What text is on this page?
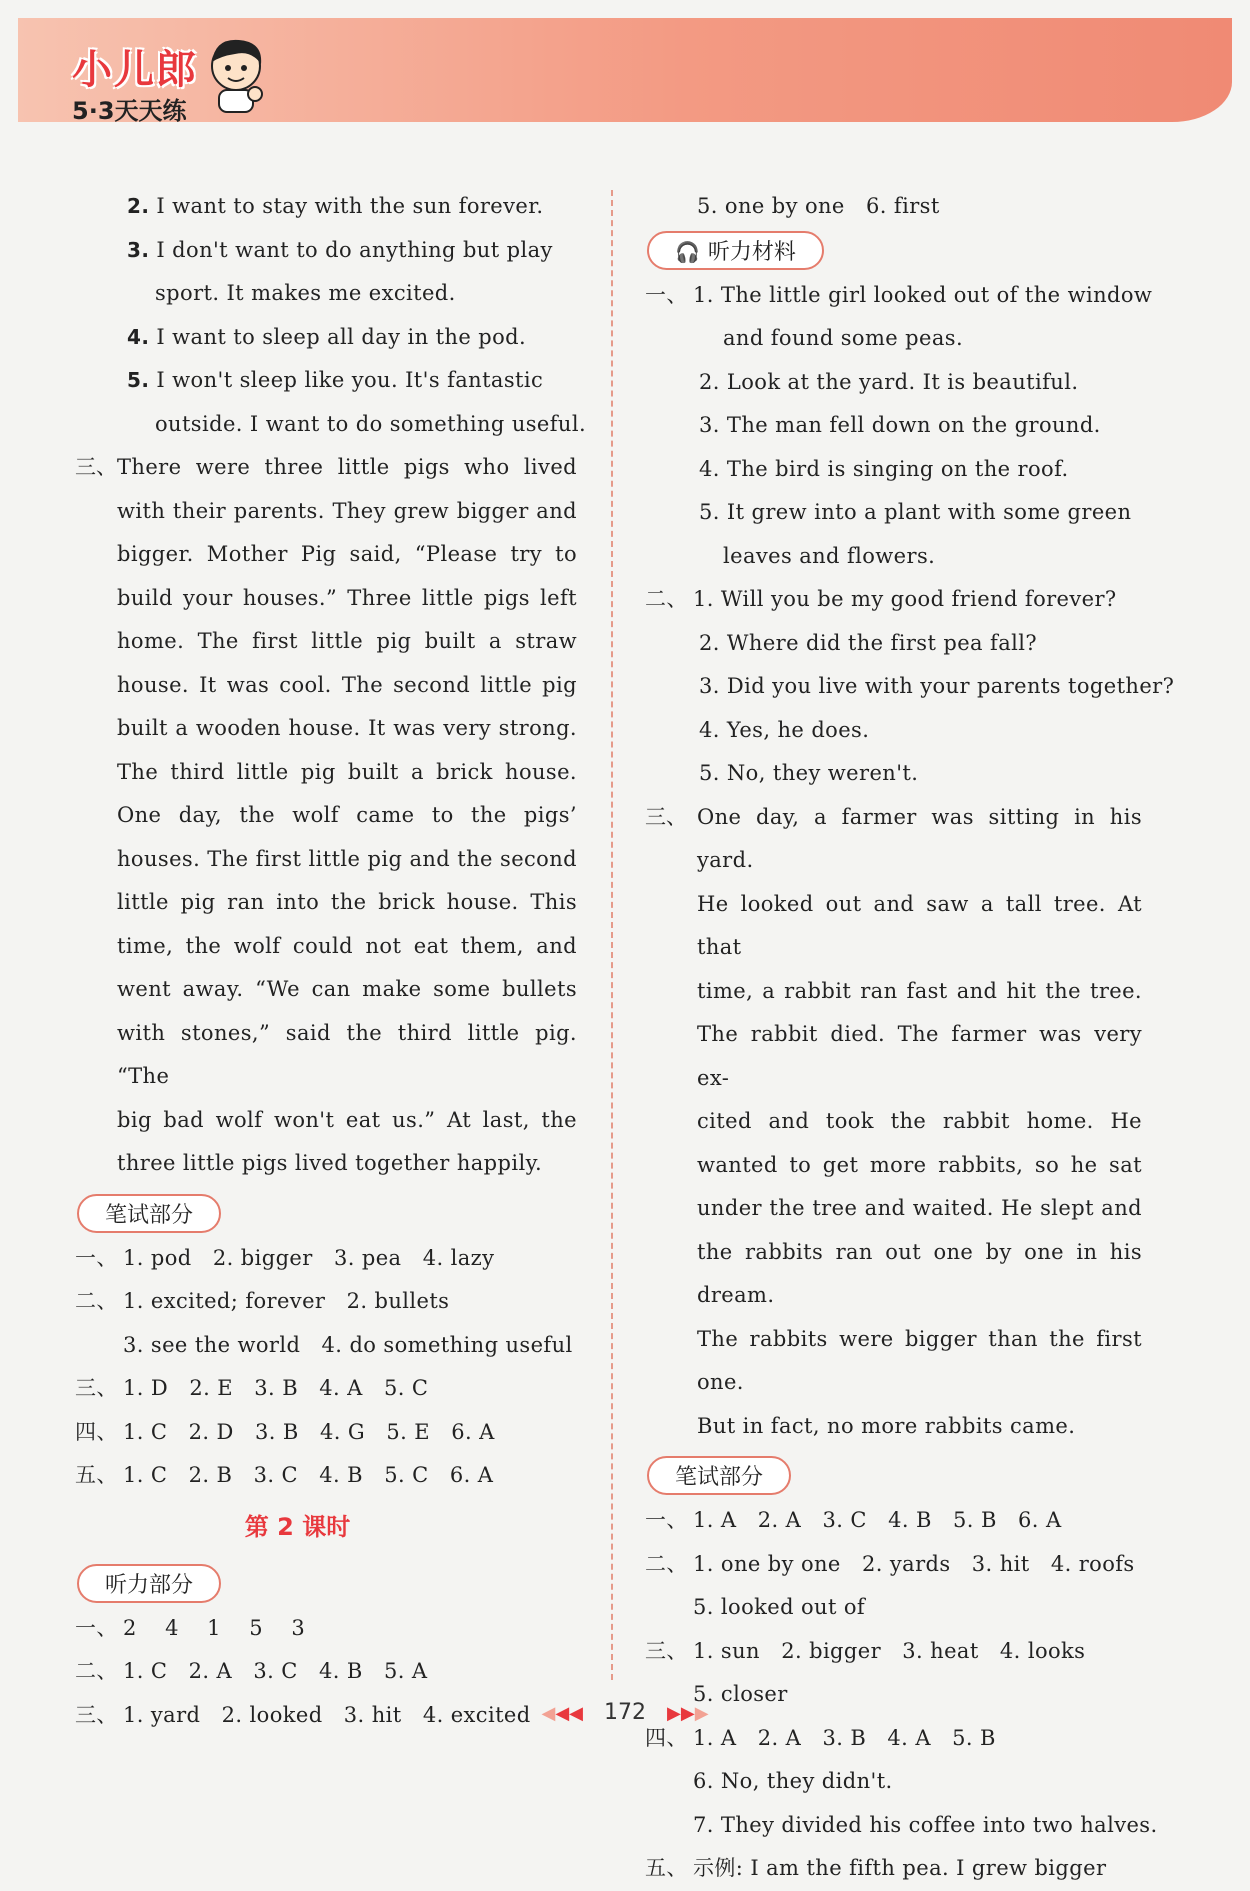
小儿郎
5·3天天练
2. I want to stay with the sun forever.
3. I don't want to do anything but play
sport. It makes me excited.
4. I want to sleep all day in the pod.
5. I won't sleep like you. It's fantastic
outside. I want to do something useful.
三、 There were three little pigs who lived
with their parents. They grew bigger and
bigger. Mother Pig said, “Please try to
build your houses.” Three little pigs left
home. The first little pig built a straw
house. It was cool. The second little pig
built a wooden house. It was very strong.
The third little pig built a brick house.
One day, the wolf came to the pigs’
houses. The first little pig and the second
little pig ran into the brick house. This
time, the wolf could not eat them, and
went away. “We can make some bullets
with stones,” said the third little pig. “The
big bad wolf won't eat us.” At last, the
three little pigs lived together happily.
笔试部分
一、 1. pod 2. bigger 3. pea 4. lazy
二、 1. excited; forever 2. bullets
3. see the world 4. do something useful
三、 1. D 2. E 3. B 4. A 5. C
四、 1. C 2. D 3. B 4. G 5. E 6. A
五、 1. C 2. B 3. C 4. B 5. C 6. A
第 2 课时
听力部分
一、 2 4 1 5 3
二、 1. C 2. A 3. C 4. B 5. A
三、 1. yard 2. looked 3. hit 4. excited
5. one by one 6. first
🎧 听力材料
一、 1. The little girl looked out of the window
and found some peas.
2. Look at the yard. It is beautiful.
3. The man fell down on the ground.
4. The bird is singing on the roof.
5. It grew into a plant with some green
leaves and flowers.
二、 1. Will you be my good friend forever?
2. Where did the first pea fall?
3. Did you live with your parents together?
4. Yes, he does.
5. No, they weren't.
三、 One day, a farmer was sitting in his yard.
He looked out and saw a tall tree. At that
time, a rabbit ran fast and hit the tree.
The rabbit died. The farmer was very ex-
cited and took the rabbit home. He
wanted to get more rabbits, so he sat
under the tree and waited. He slept and
the rabbits ran out one by one in his dream.
The rabbits were bigger than the first one.
But in fact, no more rabbits came.
笔试部分
一、 1. A 2. A 3. C 4. B 5. B 6. A
二、 1. one by one 2. yards 3. hit 4. roofs
5. looked out of
三、 1. sun 2. bigger 3. heat 4. looks
5. closer
四、 1. A 2. A 3. B 4. A 5. B
6. No, they didn't.
7. They divided his coffee into two halves.
五、 示例: I am the fifth pea. I grew bigger
◀◀◀ 172 ▶▶▶
